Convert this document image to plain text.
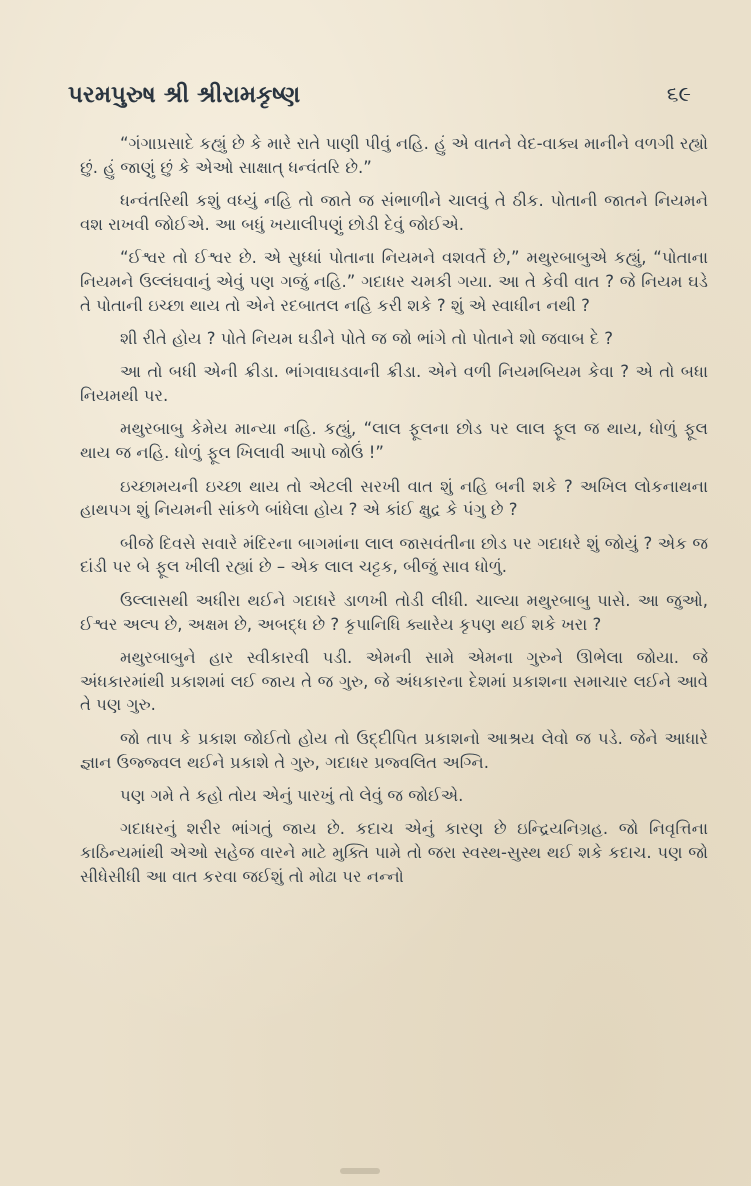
પરમપુરુષ શ્રી શ્રીરામકૃષ્ણ	૬૯

“ગંગાપ્રસાદે કહ્યું છે કે મારે રાતે પાણી પીવું નહિ. હું એ વાતને વેદ-વાક્ય માનીને વળગી રહ્યો છું. હું જાણું છું કે એઓ સાક્ષાત્ ધન્વંતરિ છે.”

ધન્વંતરિથી કશું વધ્યું નહિ તો જાતે જ સંભાળીને ચાલવું તે ઠીક. પોતાની જાતને નિયમને વશ રાખવી જોઈએ. આ બધું ખયાલીપણું છોડી દેવું જોઈએ.

“ઈશ્વર તો ઈશ્વર છે. એ સુધ્ધાં પોતાના નિયમને વશવર્તે છે,” મથુરબાબુએ કહ્યું, “પોતાના નિયમને ઉલ્લંઘવાનું એવું પણ ગજું નહિ.” ગદાધર ચમકી ગયા. આ તે કેવી વાત ? જે નિયમ ઘડે તે પોતાની ઇચ્છા થાય તો એને રદબાતલ નહિ કરી શકે ? શું એ સ્વાધીન નથી ?

શી રીતે હોય ? પોતે નિયમ ઘડીને પોતે જ જો ભાંગે તો પોતાને શો જવાબ દે ?

આ તો બધી એની ક્રીડા. ભાંગવાઘડવાની ક્રીડા. એને વળી નિયમબિયમ કેવા ? એ તો બધા નિયમથી પર.

મથુરબાબુ કેમેય માન્યા નહિ. કહ્યું, “લાલ ફૂલના છોડ પર લાલ ફૂલ જ થાય, ધોળું ફૂલ થાય જ નહિ. ધોળું ફૂલ ખિલાવી આપો જોઉં !”

ઇચ્છામયની ઇચ્છા થાય તો એટલી સરખી વાત શું નહિ બની શકે ? અખિલ લોકનાથના હાથપગ શું નિયમની સાંકળે બાંધેલા હોય ? એ કાંઈ ક્ષુદ્ર કે પંગુ છે ?

બીજે દિવસે સવારે મંદિરના બાગમાંના લાલ જાસવંતીના છોડ પર ગદાધરે શું જોયું ? એક જ દાંડી પર બે ફૂલ ખીલી રહ્યાં છે – એક લાલ ચટ્ટક, બીજું સાવ ધોળું.

ઉલ્લાસથી અધીરા થઈને ગદાધરે ડાળખી તોડી લીધી. ચાલ્યા મથુરબાબુ પાસે. આ જુઓ, ઈશ્વર અલ્પ છે, અક્ષમ છે, અબદ્ધ છે ? કૃપાનિધિ ક્યારેય કૃપણ થઈ શકે ખરા ?

મથુરબાબુને હાર સ્વીકારવી પડી. એમની સામે એમના ગુરુને ઊભેલા જોયા. જે અંધકારમાંથી પ્રકાશમાં લઈ જાય તે જ ગુરુ, જે અંધકારના દેશમાં પ્રકાશના સમાચાર લઈને આવે તે પણ ગુરુ.

જો તાપ કે પ્રકાશ જોઈતો હોય તો ઉદ્દીપિત પ્રકાશનો આશ્રય લેવો જ પડે. જેને આધારે જ્ઞાન ઉજ્જ્વલ થઈને પ્રકાશે તે ગુરુ, ગદાધર પ્રજ્વલિત અગ્નિ.

પણ ગમે તે કહો તોય એનું પારખું તો લેવું જ જોઈએ.

ગદાધરનું શરીર ભાંગતું જાય છે. કદાચ એનું કારણ છે ઇન્દ્રિયનિગ્રહ. જો નિવૃત્તિના કાઠિન્યમાંથી એઓ સહેજ વારને માટે મુક્તિ પામે તો જરા સ્વસ્થ-સુસ્થ થઈ શકે કદાચ. પણ જો સીધેસીધી આ વાત કરવા જઈશું તો મોઢા પર નન્નો
